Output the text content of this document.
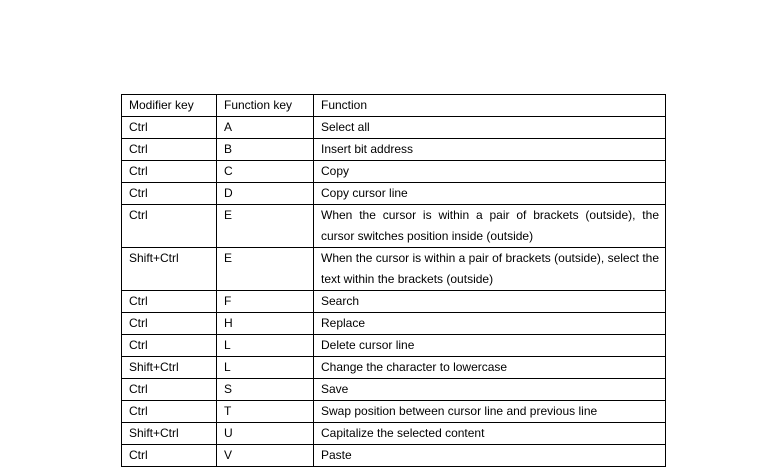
Modifier key	Function key	Function
Ctrl	A	Select all
Ctrl	B	Insert bit address
Ctrl	C	Copy
Ctrl	D	Copy cursor line
Ctrl	E	When the cursor is within a pair of brackets (outside), the cursor switches position inside (outside)
Shift+Ctrl	E	When the cursor is within a pair of brackets (outside), select the text within the brackets (outside)
Ctrl	F	Search
Ctrl	H	Replace
Ctrl	L	Delete cursor line
Shift+Ctrl	L	Change the character to lowercase
Ctrl	S	Save
Ctrl	T	Swap position between cursor line and previous line
Shift+Ctrl	U	Capitalize the selected content
Ctrl	V	Paste
